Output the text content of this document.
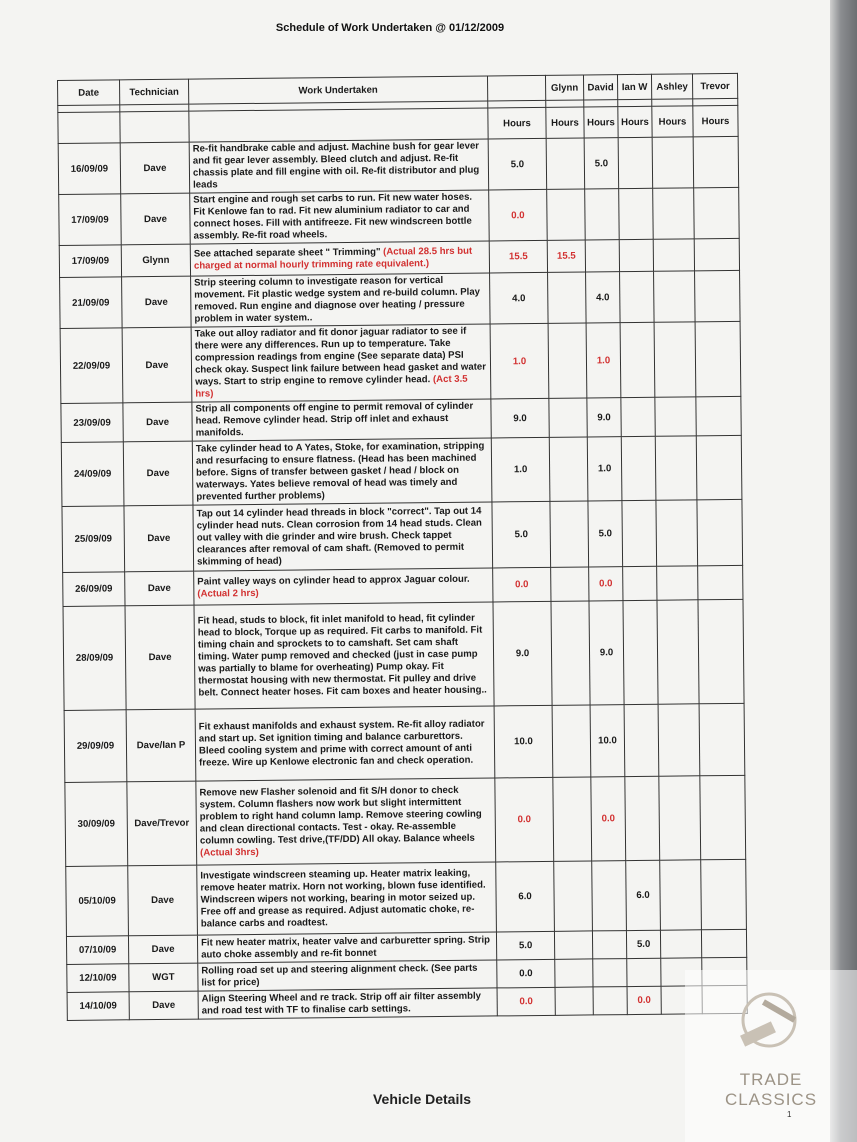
Schedule of Work Undertaken @ 01/12/2009
Date	Technician	Work Undertaken		Glynn	David	Ian W	Ashley	Trevor

			Hours	Hours	Hours	Hours	Hours	Hours
16/09/09	Dave	Re-fit handbrake cable and adjust. Machine bush for gear lever and fit gear lever assembly. Bleed clutch and adjust. Re-fit chassis plate and fill engine with oil. Re-fit distributor and plug leads	5.0		5.0			
17/09/09	Dave	Start engine and rough set carbs to run. Fit new water hoses. Fit Kenlowe fan to rad. Fit new aluminium radiator to car and connect hoses. Fill with antifreeze. Fit new windscreen bottle assembly. Re-fit road wheels.	0.0					
17/09/09	Glynn	See attached separate sheet " Trimming" (Actual 28.5 hrs but charged at normal hourly trimming rate equivalent.)	15.5	15.5				
21/09/09	Dave	Strip steering column to investigate reason for vertical movement. Fit plastic wedge system and re-build column. Play removed. Run engine and diagnose over heating / pressure problem in water system..	4.0		4.0			
22/09/09	Dave	Take out alloy radiator and fit donor jaguar radiator to see if there were any differences. Run up to temperature. Take compression readings from engine (See separate data) PSI check okay. Suspect link failure between head gasket and water ways. Start to strip engine to remove cylinder head. (Act 3.5 hrs)	1.0		1.0			
23/09/09	Dave	Strip all components off engine to permit removal of cylinder head. Remove cylinder head. Strip off inlet and exhaust manifolds.	9.0		9.0			
24/09/09	Dave	Take cylinder head to A Yates, Stoke, for examination, stripping and resurfacing to ensure flatness. (Head has been machined before. Signs of transfer between gasket / head / block on waterways. Yates believe removal of head was timely and prevented further problems)	1.0		1.0			
25/09/09	Dave	Tap out 14 cylinder head threads in block "correct". Tap out 14 cylinder head nuts. Clean corrosion from 14 head studs. Clean out valley with die grinder and wire brush. Check tappet clearances after removal of cam shaft. (Removed to permit skimming of head)	5.0		5.0			
26/09/09	Dave	Paint valley ways on cylinder head to approx Jaguar colour. (Actual 2 hrs)	0.0		0.0			
28/09/09	Dave	Fit head, studs to block, fit inlet manifold to head, fit cylinder head to block, Torque up as required. Fit carbs to manifold. Fit timing chain and sprockets to to camshaft. Set cam shaft timing. Water pump removed and checked (just in case pump was partially to blame for overheating) Pump okay. Fit thermostat housing with new thermostat. Fit pulley and drive belt. Connect heater hoses. Fit cam boxes and heater housing..	9.0		9.0			
29/09/09	Dave/Ian P	Fit exhaust manifolds and exhaust system. Re-fit alloy radiator and start up. Set ignition timing and balance carburettors. Bleed cooling system and prime with correct amount of anti freeze. Wire up Kenlowe electronic fan and check operation.	10.0		10.0			
30/09/09	Dave/Trevor	Remove new Flasher solenoid and fit S/H donor to check system. Column flashers now work but slight intermittent problem to right hand column lamp. Remove steering cowling and clean directional contacts. Test - okay. Re-assemble column cowling. Test drive,(TF/DD) All okay. Balance wheels (Actual 3hrs)	0.0		0.0			
05/10/09	Dave	Investigate windscreen steaming up. Heater matrix leaking, remove heater matrix. Horn not working, blown fuse identified. Windscreen wipers not working, bearing in motor seized up. Free off and grease as required. Adjust automatic choke, re-balance carbs and roadtest.	6.0			6.0		
07/10/09	Dave	Fit new heater matrix, heater valve and carburetter spring. Strip auto choke assembly and re-fit bonnet	5.0			5.0		
12/10/09	WGT	Rolling road set up and steering alignment check. (See parts list for price)	0.0					
14/10/09	Dave	Align Steering Wheel and re track. Strip off air filter assembly and road test with TF to finalise carb settings.	0.0			0.0		
Vehicle Details
TRADE CLASSICS
1
